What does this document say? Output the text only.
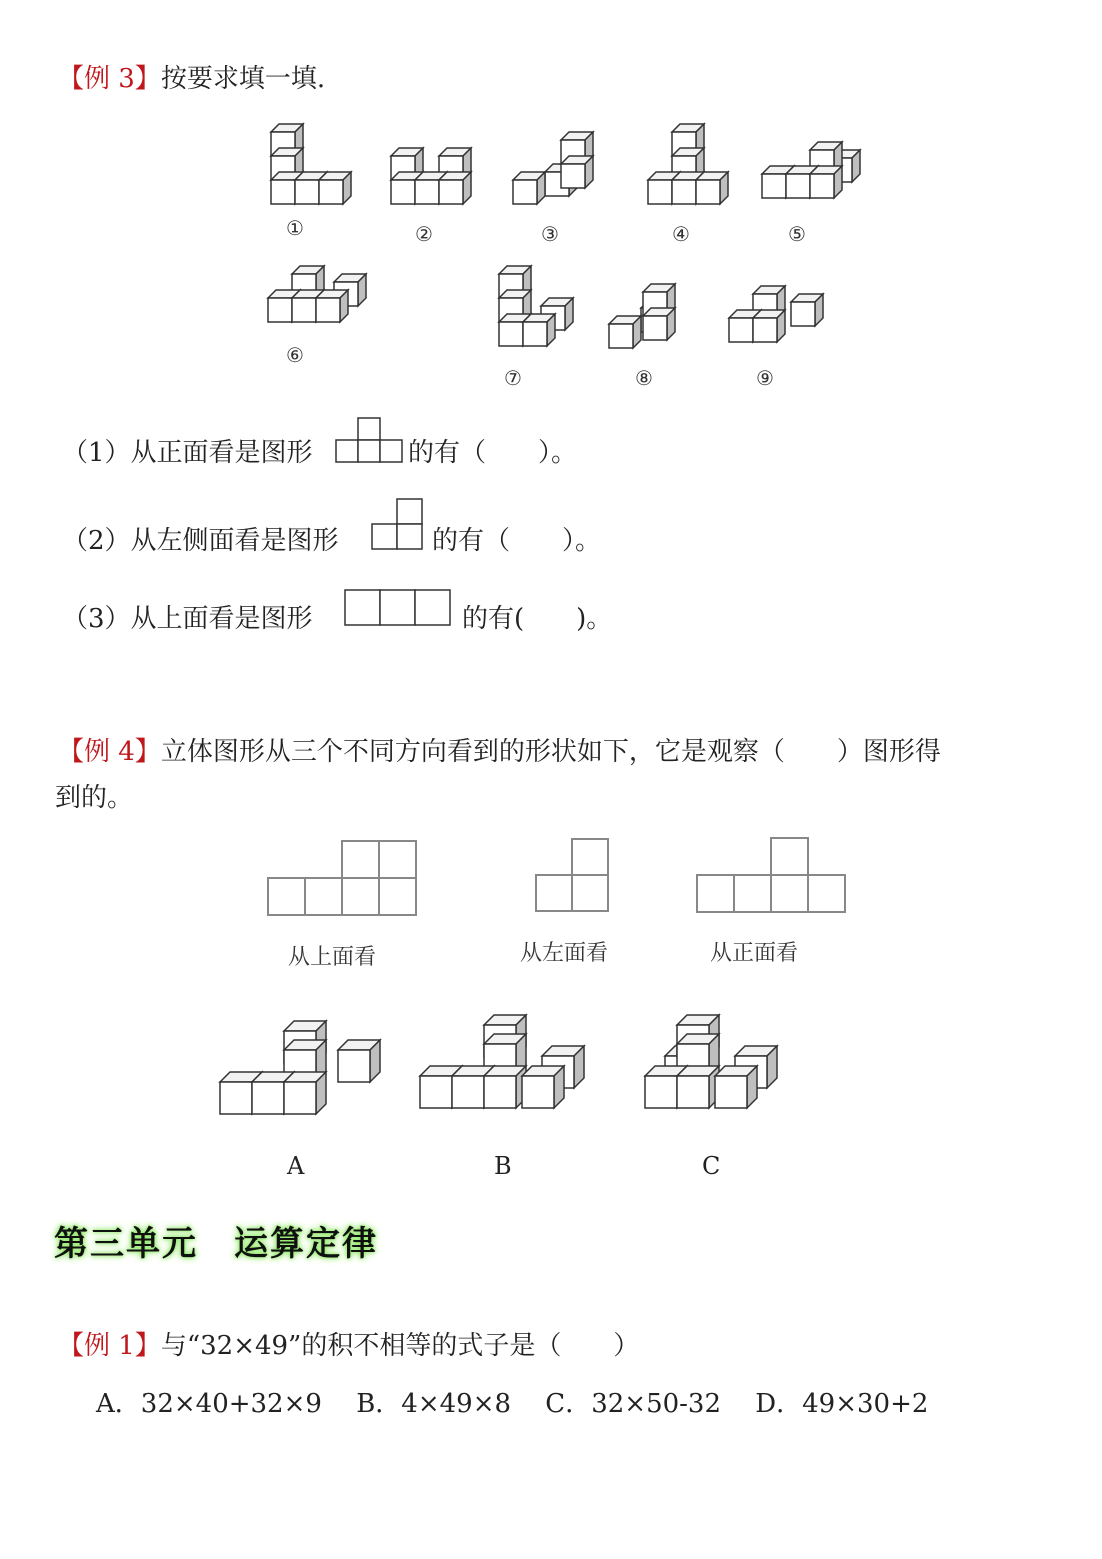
【例 3】按要求填一填.
①	②	③	④	⑤
⑥
⑦	⑧	⑨
（1）从正面看是图形	的有（　　）。
（2）从左侧面看是图形	的有（　　）。
（3）从上面看是图形	的有(　　)。
【例 4】立体图形从三个不同方向看到的形状如下，它是观察（　　）图形得
到的。
从上面看	从左面看	从正面看
A	B	C
第三单元　运算定律
【例 1】与“32×49”的积不相等的式子是（　　）
A．32×40+32×9　 B．4×49×8　 C．32×50-32　 D．49×30+2
